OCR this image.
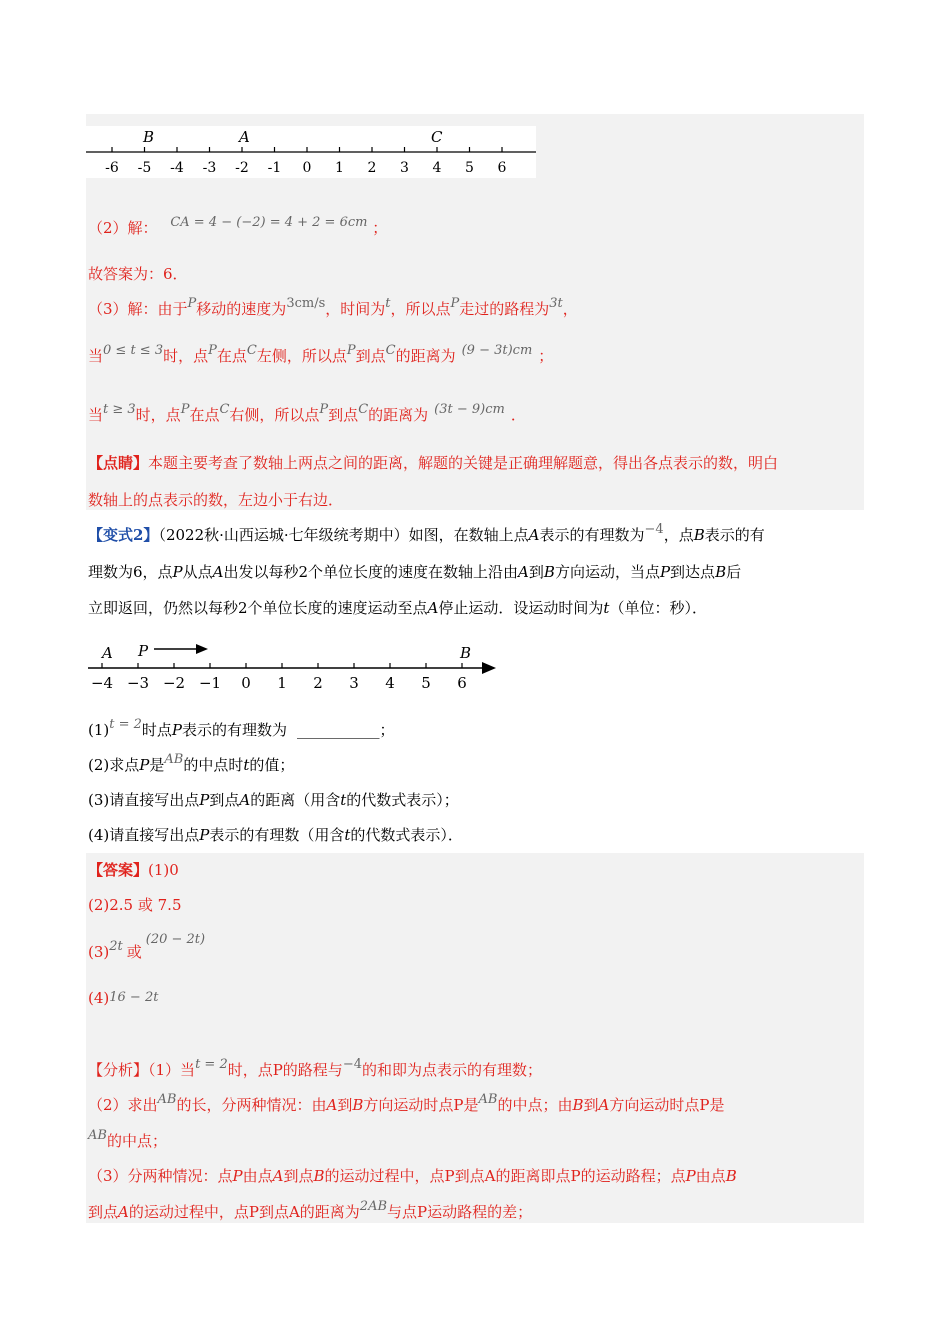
-6 -5 -4 -3 -2 -1 0 1 2 3 4 5 6
B	A	C
（2）解： CA = 4 − (−2) = 4 + 2 = 6cm ；
故答案为：6．
（3）解：由于P移动的速度为3cm/s，时间为t，所以点P走过的路程为3t，
当0 ≤ t ≤ 3时，点P在点C左侧，所以点P到点C的距离为 (9 − 3t)cm ；
当t ≥ 3时，点P在点C右侧，所以点P到点C的距离为 (3t − 9)cm ．
【点睛】本题主要考查了数轴上两点之间的距离，解题的关键是正确理解题意，得出各点表示的数，明白
数轴上的点表示的数，左边小于右边．
【变式2】（2022秋·山西运城·七年级统考期中）如图，在数轴上点A表示的有理数为−4，点B表示的有
理数为6，点P从点A出发以每秒2个单位长度的速度在数轴上沿由A到B方向运动，当点P到达点B后
立即返回，仍然以每秒2个单位长度的速度运动至点A停止运动．设运动时间为t（单位：秒）．
−4 −3 −2 −1 0 1 2 3 4 5 6
A P	B
(1)t = 2时点P表示的有理数为 ___________；
(2)求点P是AB的中点时t的值；
(3)请直接写出点P到点A的距离（用含t的代数式表示）；
(4)请直接写出点P表示的有理数（用含t的代数式表示）．
【答案】(1)0
(2)2.5 或 7.5
(3)2t 或(20 − 2t)
(4)16 − 2t
【分析】（1）当t = 2时，点P的路程与−4的和即为点表示的有理数；
（2）求出AB的长，分两种情况：由A到B方向运动时点P是AB的中点；由B到A方向运动时点P是
AB的中点；
（3）分两种情况：点P由点A到点B的运动过程中，点P到点A的距离即点P的运动路程；点P由点B
到点A的运动过程中，点P到点A的距离为2AB与点P运动路程的差；
